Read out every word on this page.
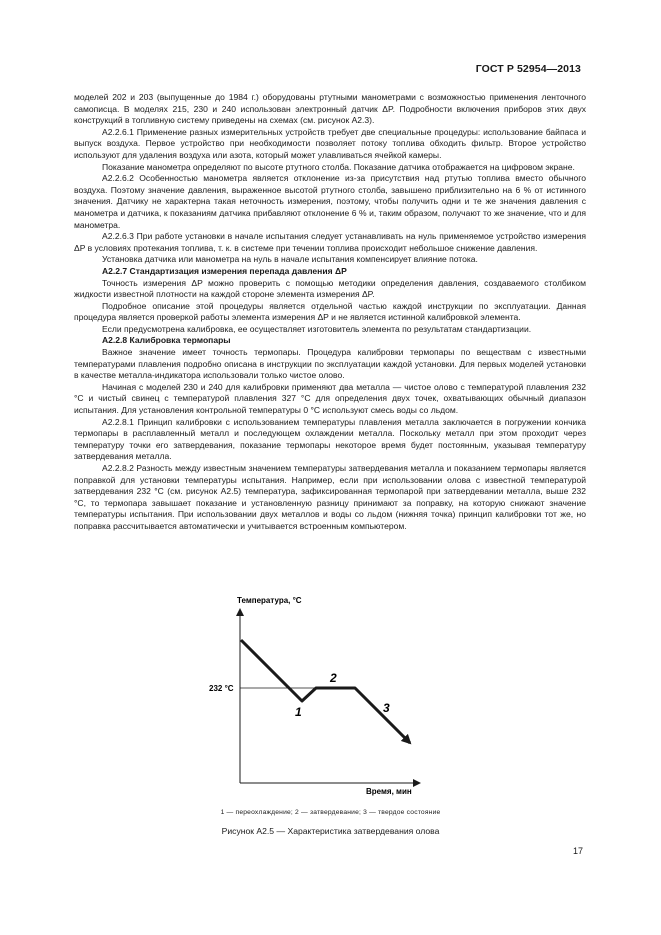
ГОСТ Р 52954—2013

моделей 202 и 203 (выпущенные до 1984 г.) оборудованы ртутными манометрами с возможностью применения ленточного самописца. В моделях 215, 230 и 240 использован электронный датчик ΔP. Подробности включения приборов этих двух конструкций в топливную систему приведены на схемах (см. рисунок А2.3).

А2.2.6.1 Применение разных измерительных устройств требует две специальные процедуры: использование байпаса и выпуск воздуха. Первое устройство при необходимости позволяет потоку топлива обходить фильтр. Второе устройство используют для удаления воздуха или азота, который может улавливаться ячейкой камеры.

Показание манометра определяют по высоте ртутного столба. Показание датчика отображается на цифровом экране.

А2.2.6.2 Особенностью манометра является отклонение из-за присутствия над ртутью топлива вместо обычного воздуха. Поэтому значение давления, выраженное высотой ртутного столба, завышено приблизительно на 6 % от истинного значения. Датчику не характерна такая неточность измерения, поэтому, чтобы получить одни и те же значения давления с манометра и датчика, к показаниям датчика прибавляют отклонение 6 % и, таким образом, получают то же значение, что и для манометра.

А2.2.6.3 При работе установки в начале испытания следует устанавливать на нуль применяемое устройство измерения ΔP в условиях протекания топлива, т. к. в системе при течении топлива происходит небольшое снижение давления.

Установка датчика или манометра на нуль в начале испытания компенсирует влияние потока.

А2.2.7 Стандартизация измерения перепада давления ΔP

Точность измерения ΔP можно проверить с помощью методики определения давления, создаваемого столбиком жидкости известной плотности на каждой стороне элемента измерения ΔP.

Подробное описание этой процедуры является отдельной частью каждой инструкции по эксплуатации. Данная процедура является проверкой работы элемента измерения ΔP и не является истинной калибровкой элемента.

Если предусмотрена калибровка, ее осуществляет изготовитель элемента по результатам стандартизации.

А2.2.8 Калибровка термопары

Важное значение имеет точность термопары. Процедура калибровки термопары по веществам с известными температурами плавления подробно описана в инструкции по эксплуатации каждой установки. Для первых моделей установки в качестве металла-индикатора использовали только чистое олово.

Начиная с моделей 230 и 240 для калибровки применяют два металла — чистое олово с температурой плавления 232 °С и чистый свинец с температурой плавления 327 °С для определения двух точек, охватывающих обычный диапазон испытания. Для установления контрольной температуры 0 °С используют смесь воды со льдом.

А2.2.8.1 Принцип калибровки с использованием температуры плавления металла заключается в погружении кончика термопары в расплавленный металл и последующем охлаждении металла. Поскольку металл при этом проходит через температуру точки его затвердевания, показание термопары некоторое время будет постоянным, указывая температуру затвердевания металла.

А2.2.8.2 Разность между известным значением температуры затвердевания металла и показанием термопары является поправкой для установки температуры испытания. Например, если при использовании олова с известной температурой затвердевания 232 °С (см. рисунок А2.5) температура, зафиксированная термопарой при затвердевании металла, выше 232 °С, то термопара завышает показание и установленную разницу принимают за поправку, на которую снижают значение температуры испытания. При использовании двух металлов и воды со льдом (нижняя точка) принцип калибровки тот же, но поправка рассчитывается автоматически и учитывается встроенным компьютером.

Температура, °С
Время, мин
232 °С
1
2
3
1 — переохлаждение; 2 — затвердевание; 3 — твердое состояние
Рисунок А2.5 — Характеристика затвердевания олова
17
